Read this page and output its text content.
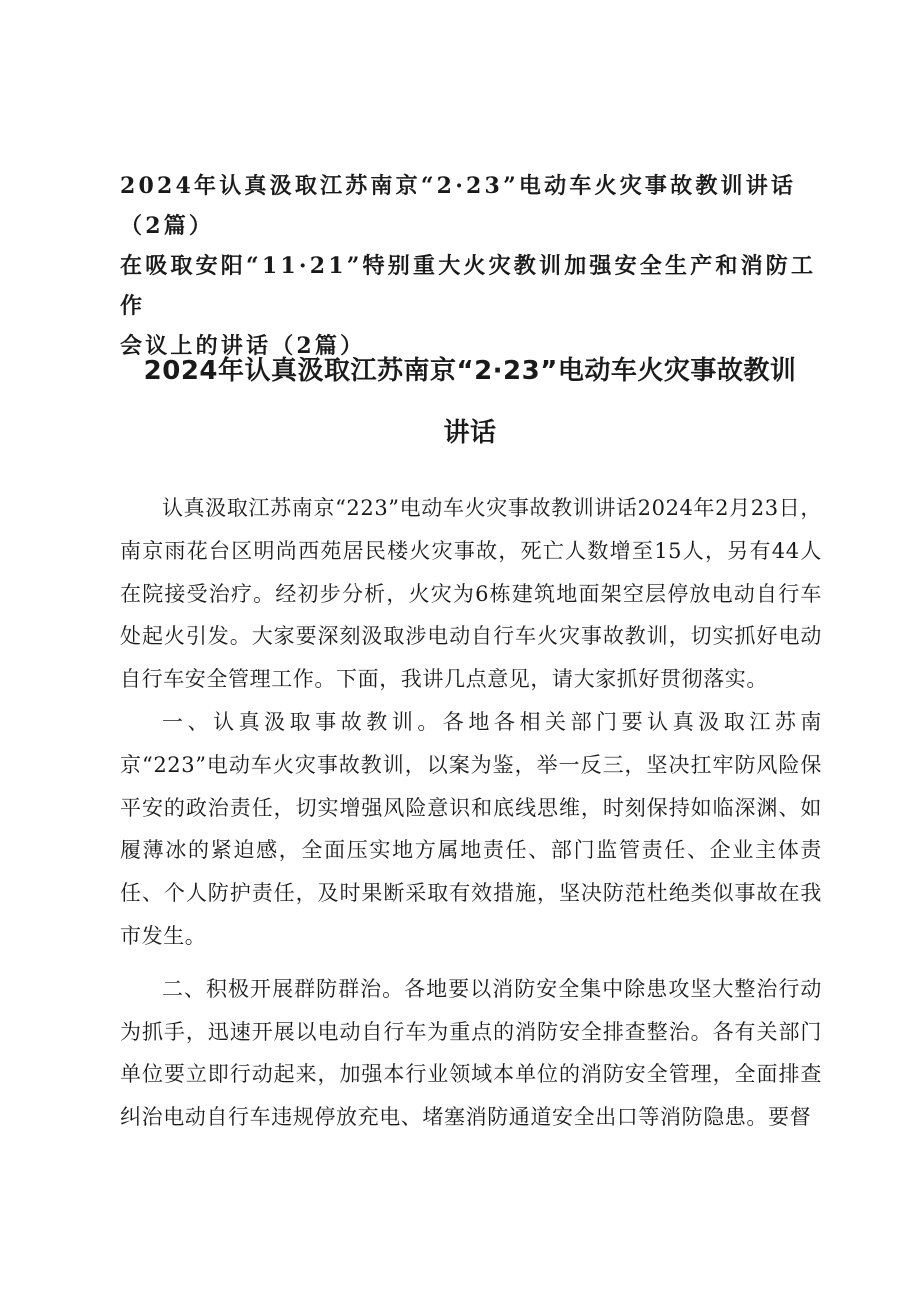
2024年认真汲取江苏南京“2·23”电动车火灾事故教训讲话（2篇）
在吸取安阳“11·21”特别重大火灾教训加强安全生产和消防工作
会议上的讲话（2篇）
2024年认真汲取江苏南京“2·23”电动车火灾事故教训
讲话

认真汲取江苏南京“223”电动车火灾事故教训讲话2024年2月23日，南京雨花台区明尚西苑居民楼火灾事故，死亡人数增至15人，另有44人在院接受治疗。经初步分析，火灾为6栋建筑地面架空层停放电动自行车处起火引发。大家要深刻汲取涉电动自行车火灾事故教训，切实抓好电动自行车安全管理工作。下面，我讲几点意见，请大家抓好贯彻落实。

一、认真汲取事故教训。各地各相关部门要认真汲取江苏南京“223”电动车火灾事故教训，以案为鉴，举一反三，坚决扛牢防风险保平安的政治责任，切实增强风险意识和底线思维，时刻保持如临深渊、如履薄冰的紧迫感，全面压实地方属地责任、部门监管责任、企业主体责任、个人防护责任，及时果断采取有效措施，坚决防范杜绝类似事故在我市发生。

二、积极开展群防群治。各地要以消防安全集中除患攻坚大整治行动为抓手，迅速开展以电动自行车为重点的消防安全排查整治。各有关部门单位要立即行动起来，加强本行业领域本单位的消防安全管理，全面排查纠治电动自行车违规停放充电、堵塞消防通道安全出口等消防隐患。要督
